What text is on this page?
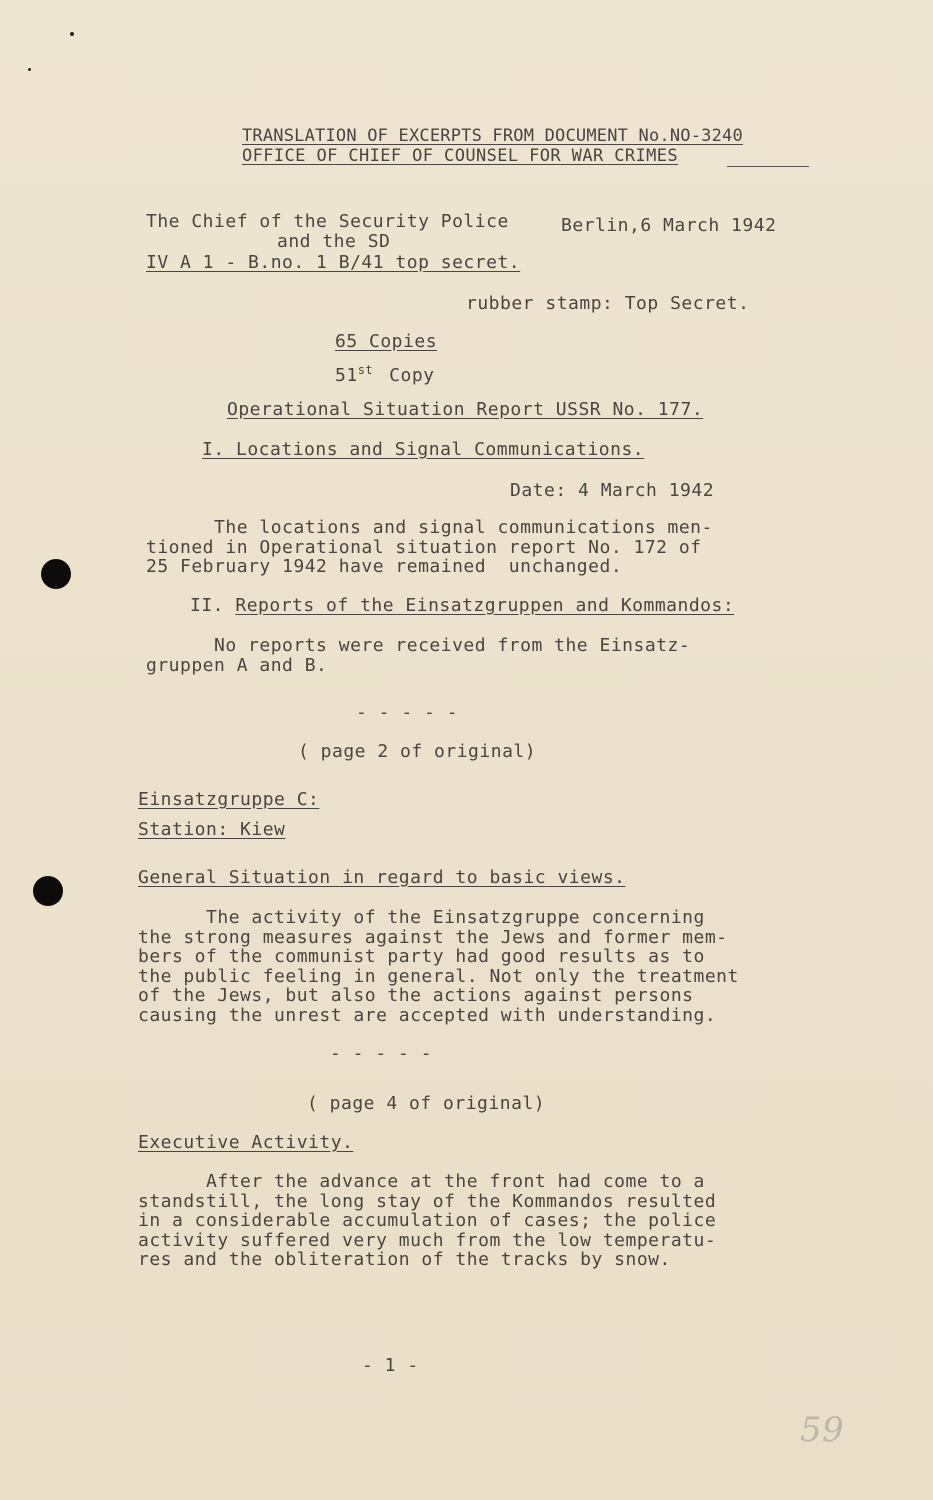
TRANSLATION OF EXCERPTS FROM DOCUMENT No.NO-3240
OFFICE OF CHIEF OF COUNSEL FOR WAR CRIMES
The Chief of the Security Police
and the SD
IV A 1 - B.no. 1 B/41 top secret.
Berlin,6 March 1942
rubber stamp: Top Secret.
65 Copies
51st Copy
Operational Situation Report USSR No. 177.
I. Locations and Signal Communications.
Date: 4 March 1942
The locations and signal communications men-
tioned in Operational situation report No. 172 of
25 February 1942 have remained  unchanged.
II. Reports of the Einsatzgruppen and Kommandos:
No reports were received from the Einsatz-
gruppen A and B.
- - - - -
( page 2 of original)
Einsatzgruppe C:
Station: Kiew
General Situation in regard to basic views.
The activity of the Einsatzgruppe concerning
the strong measures against the Jews and former mem-
bers of the communist party had good results as to
the public feeling in general. Not only the treatment
of the Jews, but also the actions against persons
causing the unrest are accepted with understanding.
- - - - -
( page 4 of original)
Executive Activity.
After the advance at the front had come to a
standstill, the long stay of the Kommandos resulted
in a considerable accumulation of cases; the police
activity suffered very much from the low temperatu-
res and the obliteration of the tracks by snow.
- 1 -
59
